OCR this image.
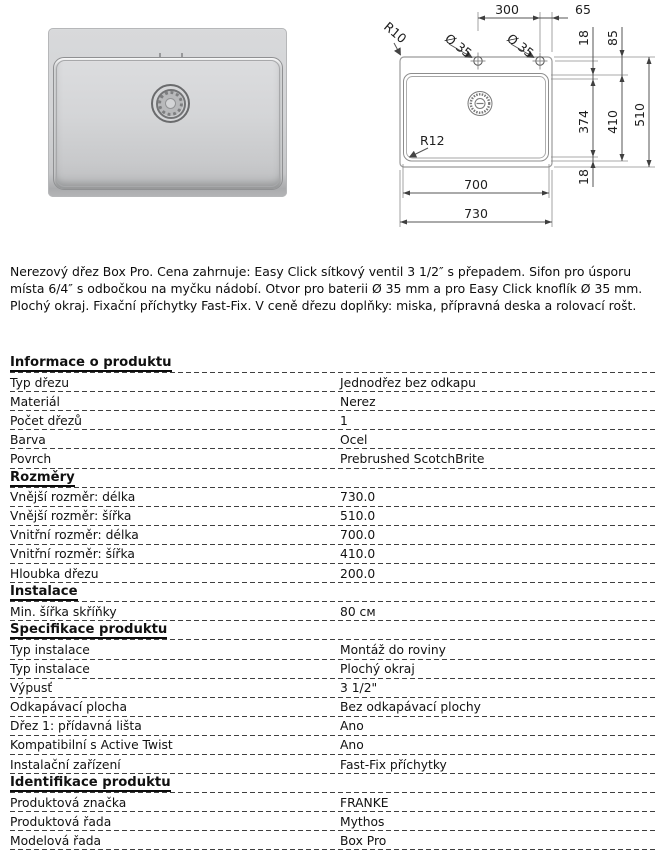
300	65
700
730
18 85
374 410 510
18
R10	Ø 35 Ø 35
R12
Nerezový dřez Box Pro. Cena zahrnuje: Easy Click sítkový ventil 3 1/2″ s přepadem. Sifon pro úsporu místa 6/4″ s odbočkou na myčku nádobí. Otvor pro baterii Ø 35 mm a pro Easy Click knoflík Ø 35 mm. Plochý okraj. Fixační příchytky Fast-Fix. V ceně dřezu doplňky: miska, přípravná deska a rolovací rošt.
Informace o produktu
Typ dřezu	Jednodřez bez odkapu
Materiál	Nerez
Počet dřezů	1
Barva	Ocel
Povrch	Prebrushed ScotchBrite
Rozměry
Vnější rozměr: délka	730.0
Vnější rozměr: šířka	510.0
Vnitřní rozměr: délka	700.0
Vnitřní rozměr: šířka	410.0
Hloubka dřezu	200.0
Instalace
Min. šířka skříňky	80 см
Specifikace produktu
Typ instalace	Montáž do roviny
Typ instalace	Plochý okraj
Výpusť	3 1/2"
Odkapávací plocha	Bez odkapávací plochy
Dřez 1: přídavná lišta	Ano
Kompatibilní s Active Twist	Ano
Instalační zařízení	Fast-Fix příchytky
Identifikace produktu
Produktová značka	FRANKE
Produktová řada	Mythos
Modelová řada	Box Pro
